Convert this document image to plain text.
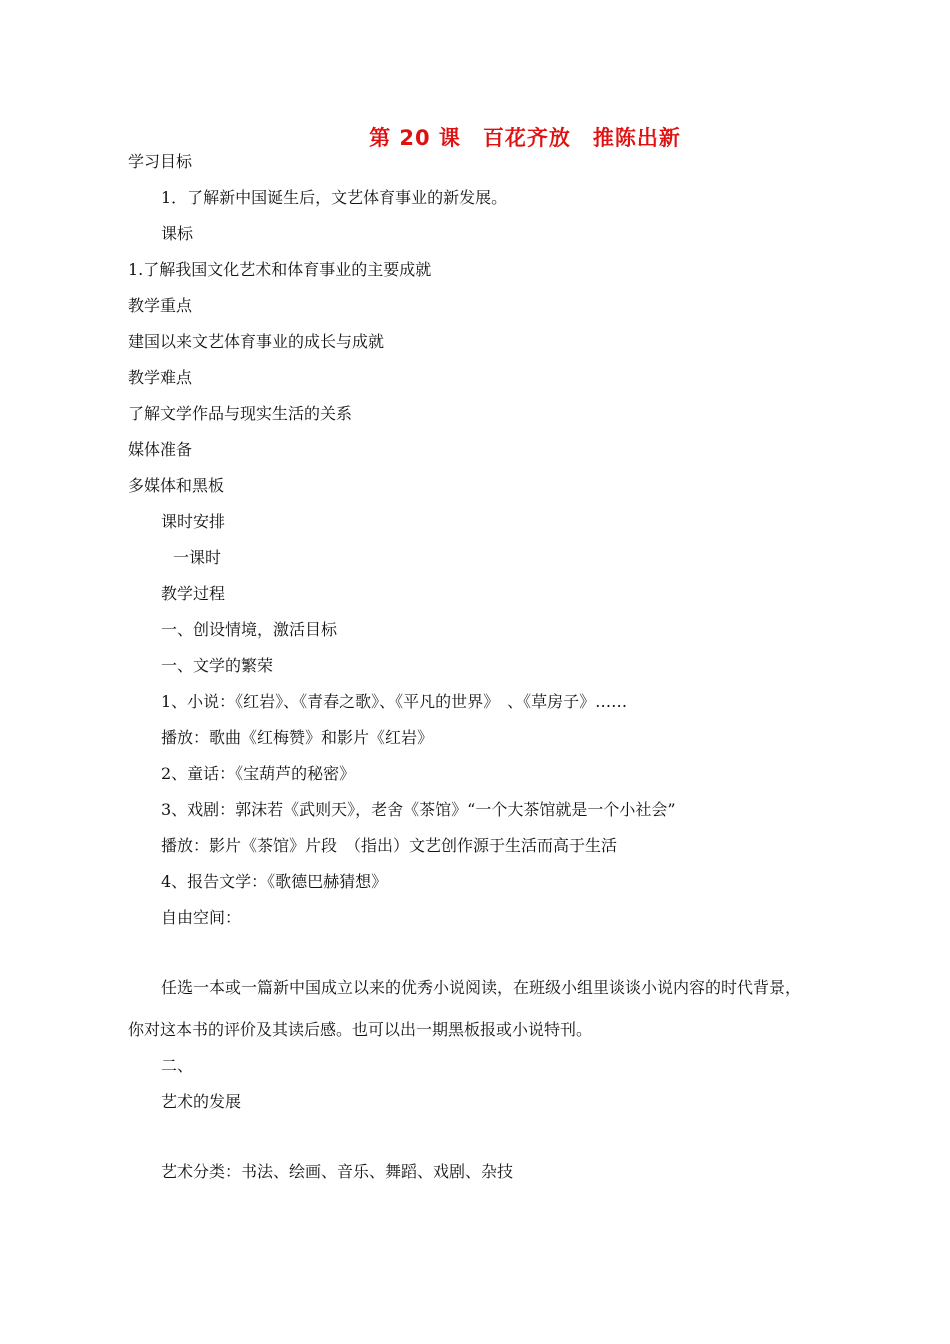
第 20 课　百花齐放　推陈出新
学习目标
1．了解新中国诞生后，文艺体育事业的新发展。
课标
1.了解我国文化艺术和体育事业的主要成就
教学重点
建国以来文艺体育事业的成长与成就
教学难点
了解文学作品与现实生活的关系
媒体准备
多媒体和黑板
课时安排
一课时
教学过程
一、创设情境，激活目标
一、文学的繁荣
1、小说：《红岩》、《青春之歌》、《平凡的世界》　、《草房子》……
播放：歌曲《红梅赞》和影片《红岩》
2、童话：《宝葫芦的秘密》
3、戏剧：郭沫若《武则天》，老舍《茶馆》“一个大茶馆就是一个小社会”
播放：影片《茶馆》片段　（指出）文艺创作源于生活而高于生活
4、报告文学：《歌德巴赫猜想》
自由空间：
任选一本或一篇新中国成立以来的优秀小说阅读，在班级小组里谈谈小说内容的时代背景，
你对这本书的评价及其读后感。也可以出一期黑板报或小说特刊。
二、
艺术的发展
艺术分类：书法、绘画、音乐、舞蹈、戏剧、杂技
